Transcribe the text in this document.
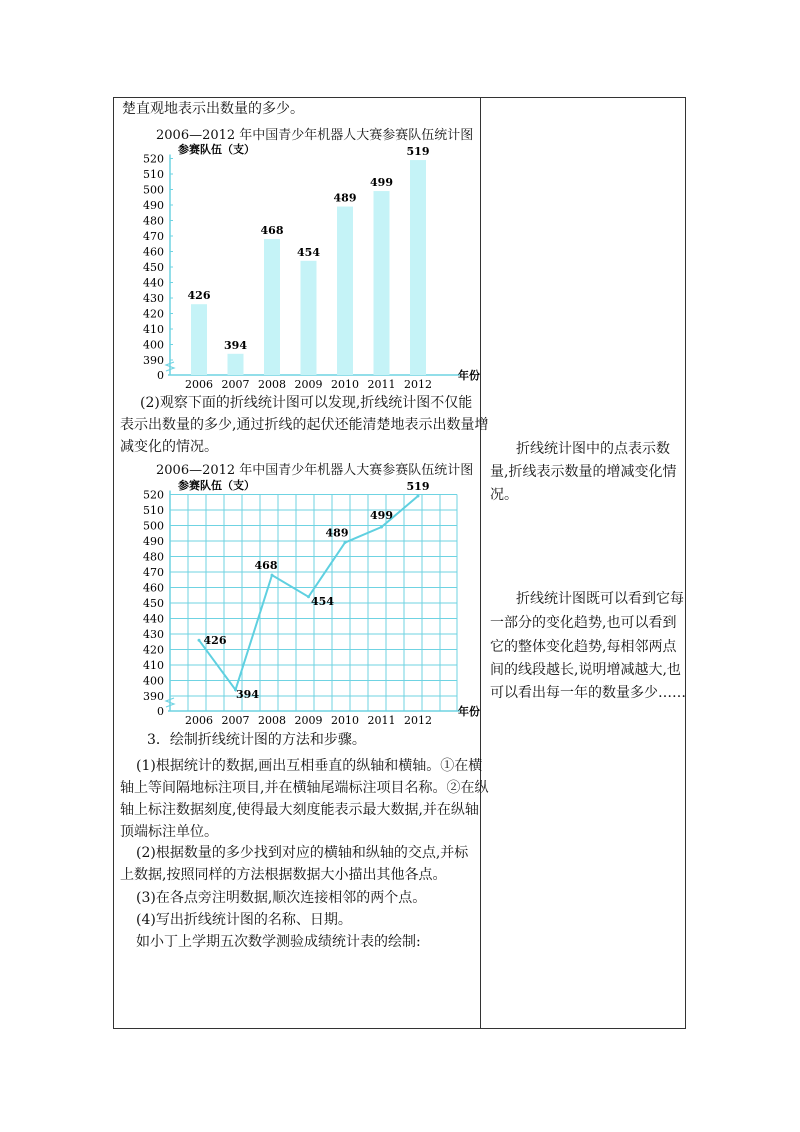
楚直观地表示出数量的多少。
2006—2012 年中国青少年机器人大赛参赛队伍统计图
参赛队伍（支）
0
390
400
410
420
430
440
450
460
470
480
490
500
510
520
2006 2007 2008 2009 2010 2011 2012
年份
426
394
468
454
489
499
519
(2)观察下面的折线统计图可以发现,折线统计图不仅能
表示出数量的多少,通过折线的起伏还能清楚地表示出数量增
减变化的情况。
2006—2012 年中国青少年机器人大赛参赛队伍统计图
参赛队伍（支）
0
390
400
410
420
430
440
450
460
470
480
490
500
510
520
2006 2007 2008 2009 2010 2011 2012
年份
426
394
468
454
489
499
519
3．绘制折线统计图的方法和步骤。
(1)根据统计的数据,画出互相垂直的纵轴和横轴。①在横
轴上等间隔地标注项目,并在横轴尾端标注项目名称。②在纵
轴上标注数据刻度,使得最大刻度能表示最大数据,并在纵轴
顶端标注单位。
(2)根据数量的多少找到对应的横轴和纵轴的交点,并标
上数据,按照同样的方法根据数据大小描出其他各点。
(3)在各点旁注明数据,顺次连接相邻的两个点。
(4)写出折线统计图的名称、日期。
如小丁上学期五次数学测验成绩统计表的绘制:
折线统计图中的点表示数
量,折线表示数量的增减变化情
况。
折线统计图既可以看到它每
一部分的变化趋势,也可以看到
它的整体变化趋势,每相邻两点
间的线段越长,说明增减越大,也
可以看出每一年的数量多少……
